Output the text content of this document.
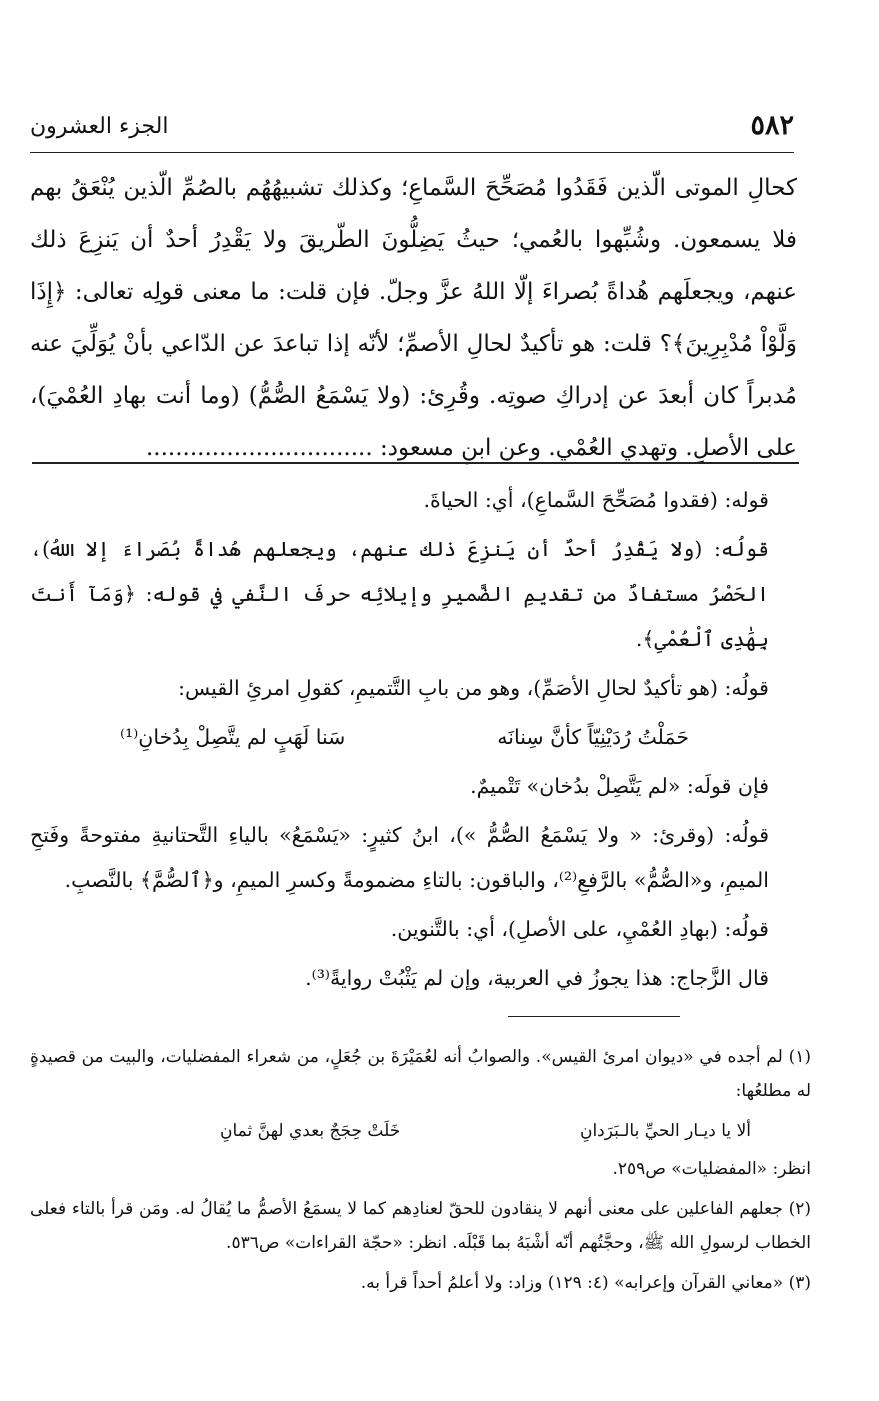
٥٨٢
الجزء العشرون

كحالِ الموتى الّذين فَقَدُوا مُصَحِّحَ السَّماعِ؛ وكذلك تشبيهُهُم بالصُمِّ الّذين يُنْعَقُ بهم فلا يسمعون. وشُبِّهوا بالعُمي؛ حيثُ يَضِلُّونَ الطّريقَ ولا يَقْدِرُ أحدٌ أن يَنزِعَ ذلك عنهم، ويجعلَهم هُداةً بُصراءَ إلّا اللهُ عزَّ وجلّ. فإن قلت: ما معنى قولِه تعالى: ﴿إِذَا وَلَّوْاْ مُدْبِرِينَ﴾؟ قلت: هو تأكيدٌ لحالِ الأصمِّ؛ لأنّه إذا تباعدَ عن الدّاعي بأنْ يُوَلِّيَ عنه مُدبراً كان أبعدَ عن إدراكِ صوتِه. وقُرِئ: (ولا يَسْمَعُ الصُّمُّ) (وما أنت بهادِ العُمْيَ)، على الأصلِ. وتهدي العُمْي. وعن ابنِ مسعود: ...............................

قوله: (فقدوا مُصَحِّحَ السَّماعِ)، أي: الحياةَ.

قولُه: (ولا يَقْدِرُ أحدٌ أن يَنزِعَ ذلك عنهم، ويجعلهم هُداةً بُصَراءَ إلا اللهُ)، الحَصْرُ مستفادٌ من تقديمِ الضَّميرِ وإيلائِه حرفَ النَّفي في قوله: ﴿وَمَآ أَنتَ بِهَٰدِى ٱلْعُمْىِ﴾.

قولُه: (هو تأكيدٌ لحالِ الأصَمِّ)، وهو من بابِ التَّتميمِ، كقولِ امرئِ القيس:

حَمَلْتُ رُدَيْنِيّاً كأنَّ سِنانَه
سَنا لَهَبٍ لم يتَّصِلْ بِدُخانِ⁽¹⁾

فإن قولَه: «لم يَتَّصِلْ بدُخان» تَتْميمٌ.

قولُه: (وقرئ: « ولا يَسْمَعُ الصُّمُّ »)، ابنُ كثيرٍ: «يَسْمَعُ» بالياءِ التَّحتانيةِ مفتوحةً وفَتحِ الميمِ، و«الصُّمُّ» بالرَّفعِ⁽²⁾، والباقون: بالتاءِ مضمومةً وكسرِ الميمِ، و﴿ٱلصُّمَّ﴾ بالنَّصبِ.

قولُه: (بهادِ العُمْيِ، على الأصلِ)، أي: بالتَّنوين.

قال الزَّجاج: هذا يجوزُ في العربية، وإن لم يَثْبُتْ روايةً⁽³⁾.

(١) لم أجده في «ديوان امرئ القيس». والصوابُ أنه لعُمَيْرَةَ بن جُعَلٍ، من شعراء المفضليات، والبيت من قصيدةٍ له مطلعُها:

ألا يا ديـار الحيِّ بالـبَرَدانِ
خَلَتْ حِجَجٌ بعدي لهنَّ ثمانِ

انظر: «المفضليات» ص٢٥٩.

(٢) جعلهم الفاعلين على معنى أنهم لا ينقادون للحقّ لعنادِهم كما لا يسمَعُ الأصمُّ ما يُقالُ له. ومَن قرأ بالتاء فعلى الخطاب لرسولِ الله ﷺ، وحجَّتُهم أنّه أشْبَهُ بما قَبْلَه. انظر: «حجّة القراءات» ص٥٣٦.

(٣) «معاني القرآن وإعرابه» (٤: ١٢٩) وزاد: ولا أعلمُ أحداً قرأ به.
